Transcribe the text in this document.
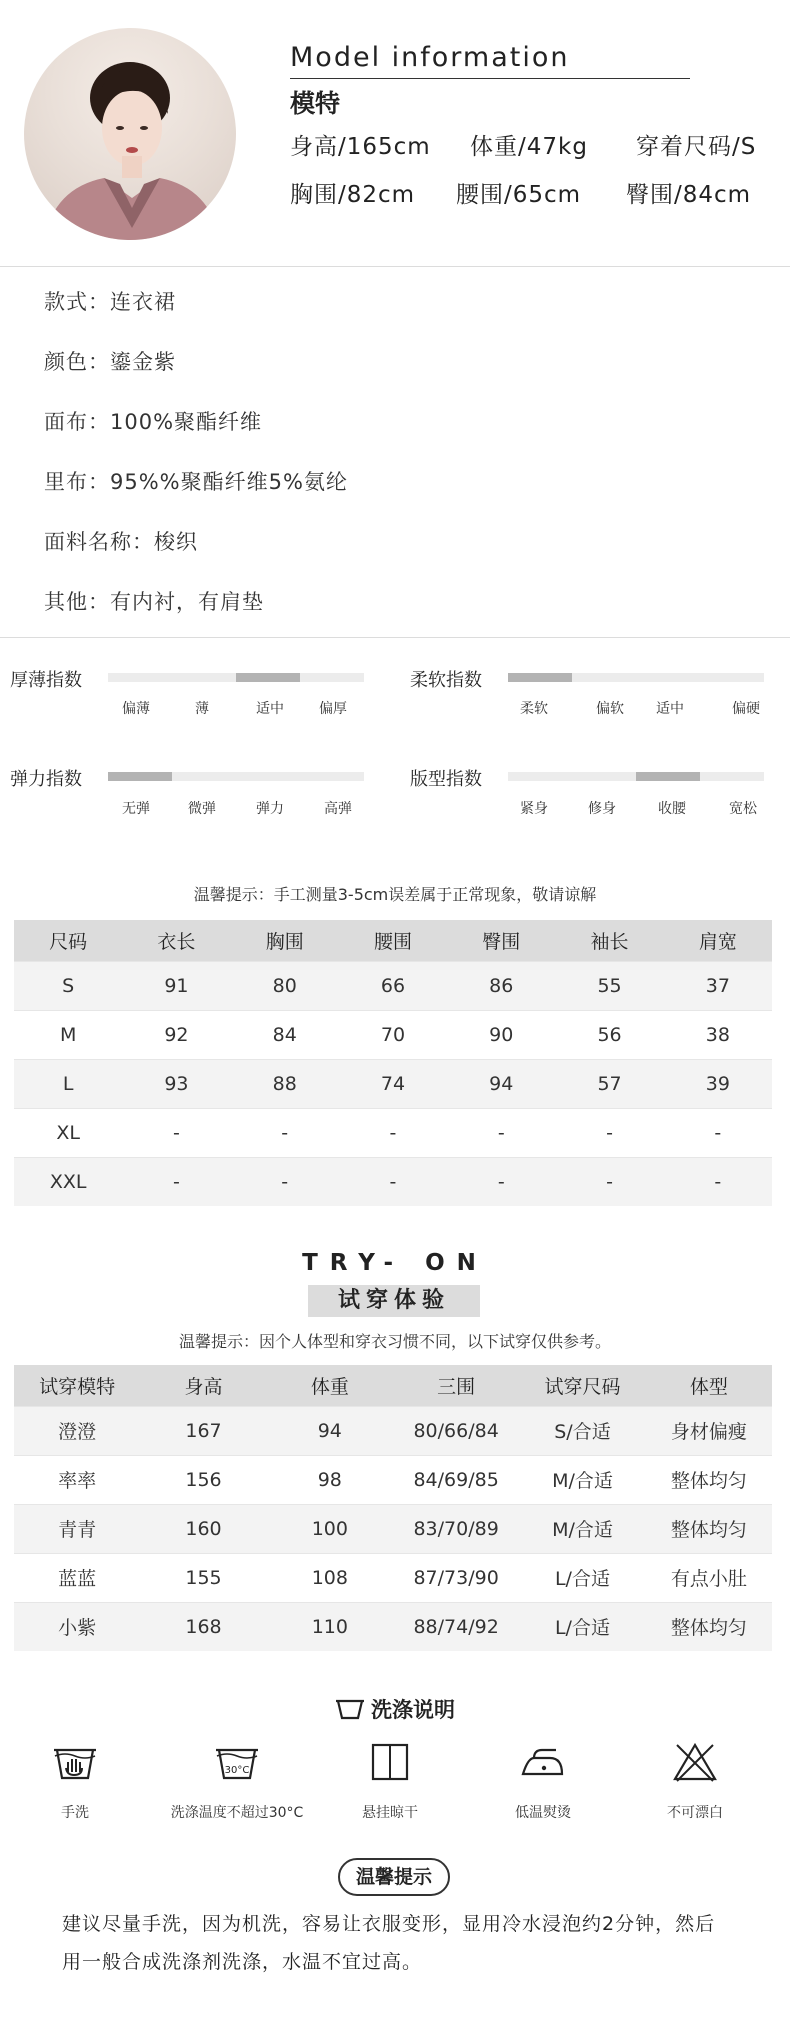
Model information
模特
身高/165cm 体重/47kg 穿着尺码/S
胸围/82cm 腰围/65cm 臀围/84cm
款式：连衣裙
颜色：鎏金紫
面布：100%聚酯纤维
里布：95%%聚酯纤维5%氨纶
面料名称：梭织
其他：有内衬，有肩垫
厚薄指数
偏薄	薄	适中	偏厚
柔软指数
柔软	偏软	适中	偏硬
弹力指数
无弹	微弹	弹力	高弹
版型指数
紧身	修身	收腰	宽松
温馨提示：手工测量3-5cm误差属于正常现象，敬请谅解
尺码	衣长	胸围	腰围	臀围	袖长	肩宽
S	91	80	66	86	55	37
M	92	84	70	90	56	38
L	93	88	74	94	57	39
XL	-	-	-	-	-	-
XXL	-	-	-	-	-	-
TRY- ON
试穿体验
温馨提示：因个人体型和穿衣习惯不同，以下试穿仅供参考。
试穿模特	身高	体重	三围	试穿尺码	体型
澄澄	167	94	80/66/84	S/合适	身材偏瘦
率率	156	98	84/69/85	M/合适	整体均匀
青青	160	100	83/70/89	M/合适	整体均匀
蓝蓝	155	108	87/73/90	L/合适	有点小肚
小紫	168	110	88/74/92	L/合适	整体均匀
洗涤说明
手洗
30°C
洗涤温度不超过30°C	悬挂晾干	低温熨烫	不可漂白
温馨提示
建议尽量手洗，因为机洗，容易让衣服变形，显用冷水浸泡约2分钟，然后
用一般合成洗涤剂洗涤，水温不宜过高。
